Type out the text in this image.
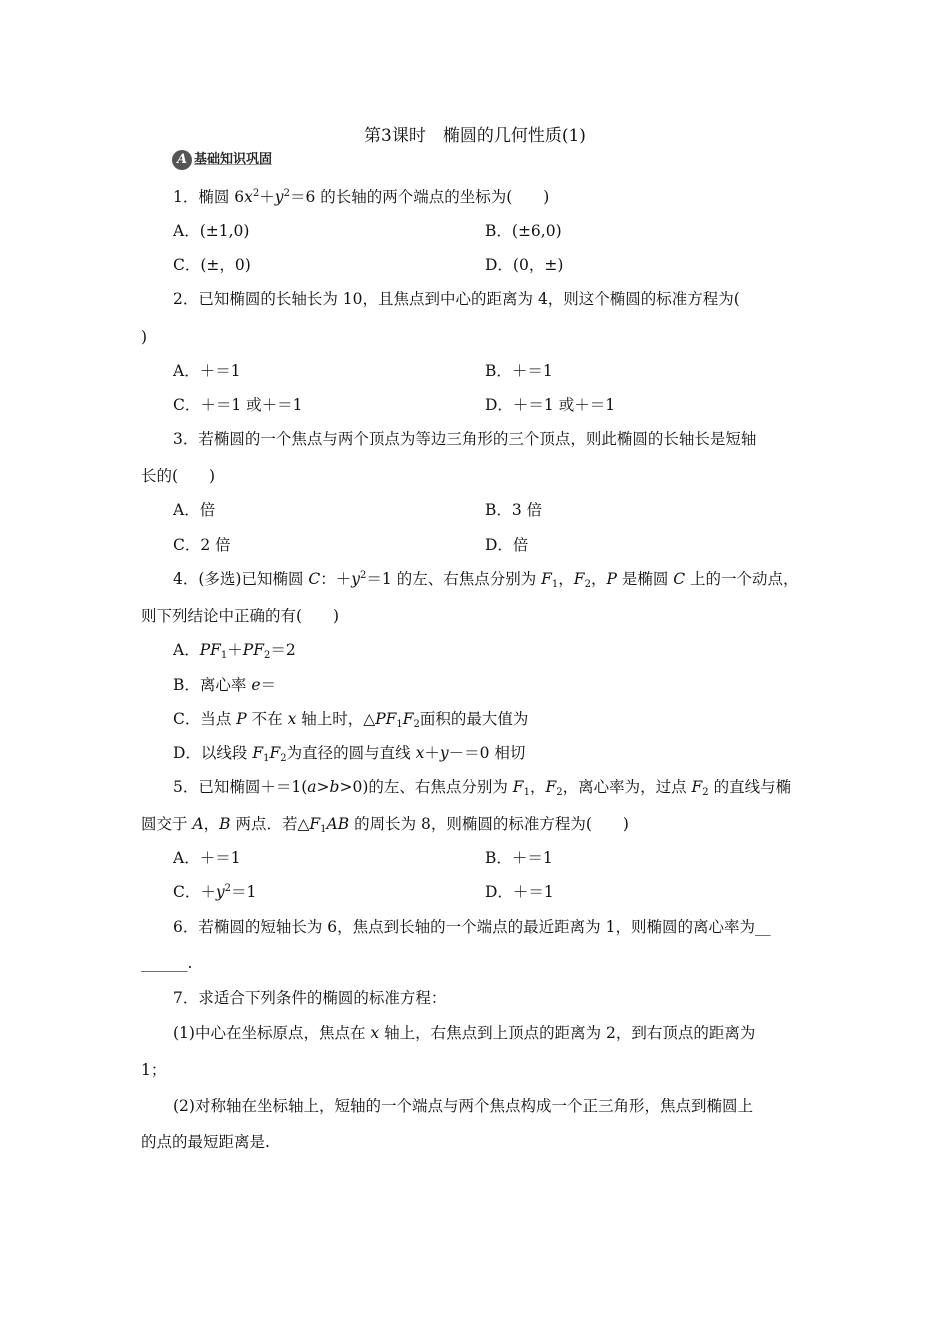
第3课时　椭圆的几何性质(1)
A 基础知识巩固
1．椭圆 $6x^2+y^2=6$ 的长轴的两个端点的坐标为(　　)
A．(±1,0)	B．(±6,0)
C．(±，0)	D．(0，±)
2．已知椭圆的长轴长为 10，且焦点到中心的距离为 4，则这个椭圆的标准方程为(
)
A．＋＝1	B．＋＝1
C．＋＝1 或＋＝1	D．＋＝1 或＋＝1
3．若椭圆的一个焦点与两个顶点为等边三角形的三个顶点，则此椭圆的长轴长是短轴
长的(　　)
A．倍	B．3 倍
C．2 倍	D．倍
4．(多选)已知椭圆 C：$+y^2=1$ 的左、右焦点分别为 $F_1$，$F_2$，P 是椭圆 C 上的一个动点，
则下列结论中正确的有(　　)
A．$PF_1+PF_2=2$
B．离心率 e＝
C．当点 P 不在 x 轴上时，$\triangle PF_1F_2$面积的最大值为
D．以线段 $F_1F_2$为直径的圆与直线 x＋y－＝0 相切
5．已知椭圆＋＝1(a>b>0)的左、右焦点分别为 $F_1$，$F_2$，离心率为，过点 $F_2$ 的直线与椭
圆交于 A，B 两点．若$\triangle F_1AB$ 的周长为 8，则椭圆的标准方程为(　　)
A．＋＝1	B．＋＝1
C．$+y^2=1$	D．＋＝1
6．若椭圆的短轴长为 6，焦点到长轴的一个端点的最近距离为 1，则椭圆的离心率为__
______.
7．求适合下列条件的椭圆的标准方程：
(1)中心在坐标原点，焦点在 x 轴上，右焦点到上顶点的距离为 2，到右顶点的距离为
1；
(2)对称轴在坐标轴上，短轴的一个端点与两个焦点构成一个正三角形，焦点到椭圆上
的点的最短距离是.
